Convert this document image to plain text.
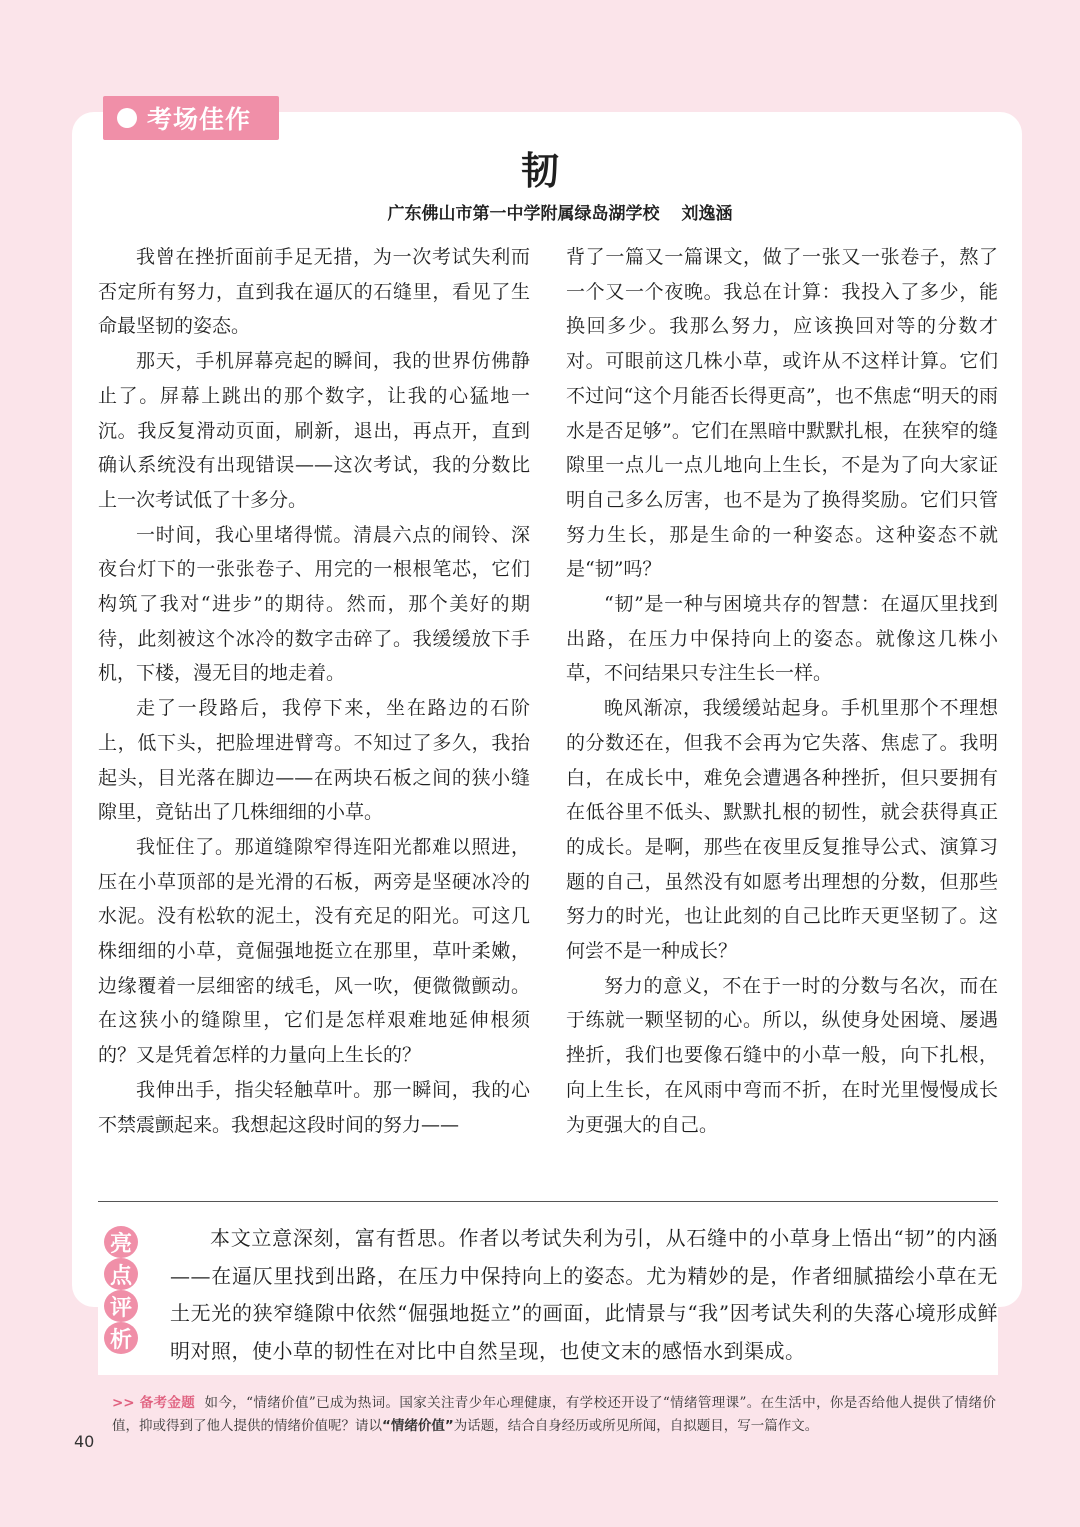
考场佳作
韧
广东佛山市第一中学附属绿岛湖学校 刘逸涵

我曾在挫折面前手足无措，为一次考试失利而否定所有努力，直到我在逼仄的石缝里，看见了生命最坚韧的姿态。

那天，手机屏幕亮起的瞬间，我的世界仿佛静止了。屏幕上跳出的那个数字，让我的心猛地一沉。我反复滑动页面，刷新，退出，再点开，直到确认系统没有出现错误——这次考试，我的分数比上一次考试低了十多分。

一时间，我心里堵得慌。清晨六点的闹铃、深夜台灯下的一张张卷子、用完的一根根笔芯，它们构筑了我对“进步”的期待。然而，那个美好的期待，此刻被这个冰冷的数字击碎了。我缓缓放下手机，下楼，漫无目的地走着。

走了一段路后，我停下来，坐在路边的石阶上，低下头，把脸埋进臂弯。不知过了多久，我抬起头，目光落在脚边——在两块石板之间的狭小缝隙里，竟钻出了几株细细的小草。

我怔住了。那道缝隙窄得连阳光都难以照进，压在小草顶部的是光滑的石板，两旁是坚硬冰冷的水泥。没有松软的泥土，没有充足的阳光。可这几株细细的小草，竟倔强地挺立在那里，草叶柔嫩，边缘覆着一层细密的绒毛，风一吹，便微微颤动。在这狭小的缝隙里，它们是怎样艰难地延伸根须的？又是凭着怎样的力量向上生长的？

我伸出手，指尖轻触草叶。那一瞬间，我的心不禁震颤起来。我想起这段时间的努力——

背了一篇又一篇课文，做了一张又一张卷子，熬了一个又一个夜晚。我总在计算：我投入了多少，能换回多少。我那么努力，应该换回对等的分数才对。可眼前这几株小草，或许从不这样计算。它们不过问“这个月能否长得更高”，也不焦虑“明天的雨水是否足够”。它们在黑暗中默默扎根，在狭窄的缝隙里一点儿一点儿地向上生长，不是为了向大家证明自己多么厉害，也不是为了换得奖励。它们只管努力生长，那是生命的一种姿态。这种姿态不就是“韧”吗？

“韧”是一种与困境共存的智慧：在逼仄里找到出路，在压力中保持向上的姿态。就像这几株小草，不问结果只专注生长一样。

晚风渐凉，我缓缓站起身。手机里那个不理想的分数还在，但我不会再为它失落、焦虑了。我明白，在成长中，难免会遭遇各种挫折，但只要拥有在低谷里不低头、默默扎根的韧性，就会获得真正的成长。是啊，那些在夜里反复推导公式、演算习题的自己，虽然没有如愿考出理想的分数，但那些努力的时光，也让此刻的自己比昨天更坚韧了。这何尝不是一种成长？

努力的意义，不在于一时的分数与名次，而在于练就一颗坚韧的心。所以，纵使身处困境、屡遇挫折，我们也要像石缝中的小草一般，向下扎根，向上生长，在风雨中弯而不折，在时光里慢慢成长为更强大的自己。

亮
点
评
析

本文立意深刻，富有哲思。作者以考试失利为引，从石缝中的小草身上悟出“韧”的内涵——在逼仄里找到出路，在压力中保持向上的姿态。尤为精妙的是，作者细腻描绘小草在无土无光的狭窄缝隙中依然“倔强地挺立”的画面，此情景与“我”因考试失利的失落心境形成鲜明对照，使小草的韧性在对比中自然呈现，也使文末的感悟水到渠成。

>> 备考金题 如今，“情绪价值”已成为热词。国家关注青少年心理健康，有学校还开设了“情绪管理课”。在生活中，你是否给他人提供了情绪价值，抑或得到了他人提供的情绪价值呢？请以“情绪价值”为话题，结合自身经历或所见所闻，自拟题目，写一篇作文。
40
